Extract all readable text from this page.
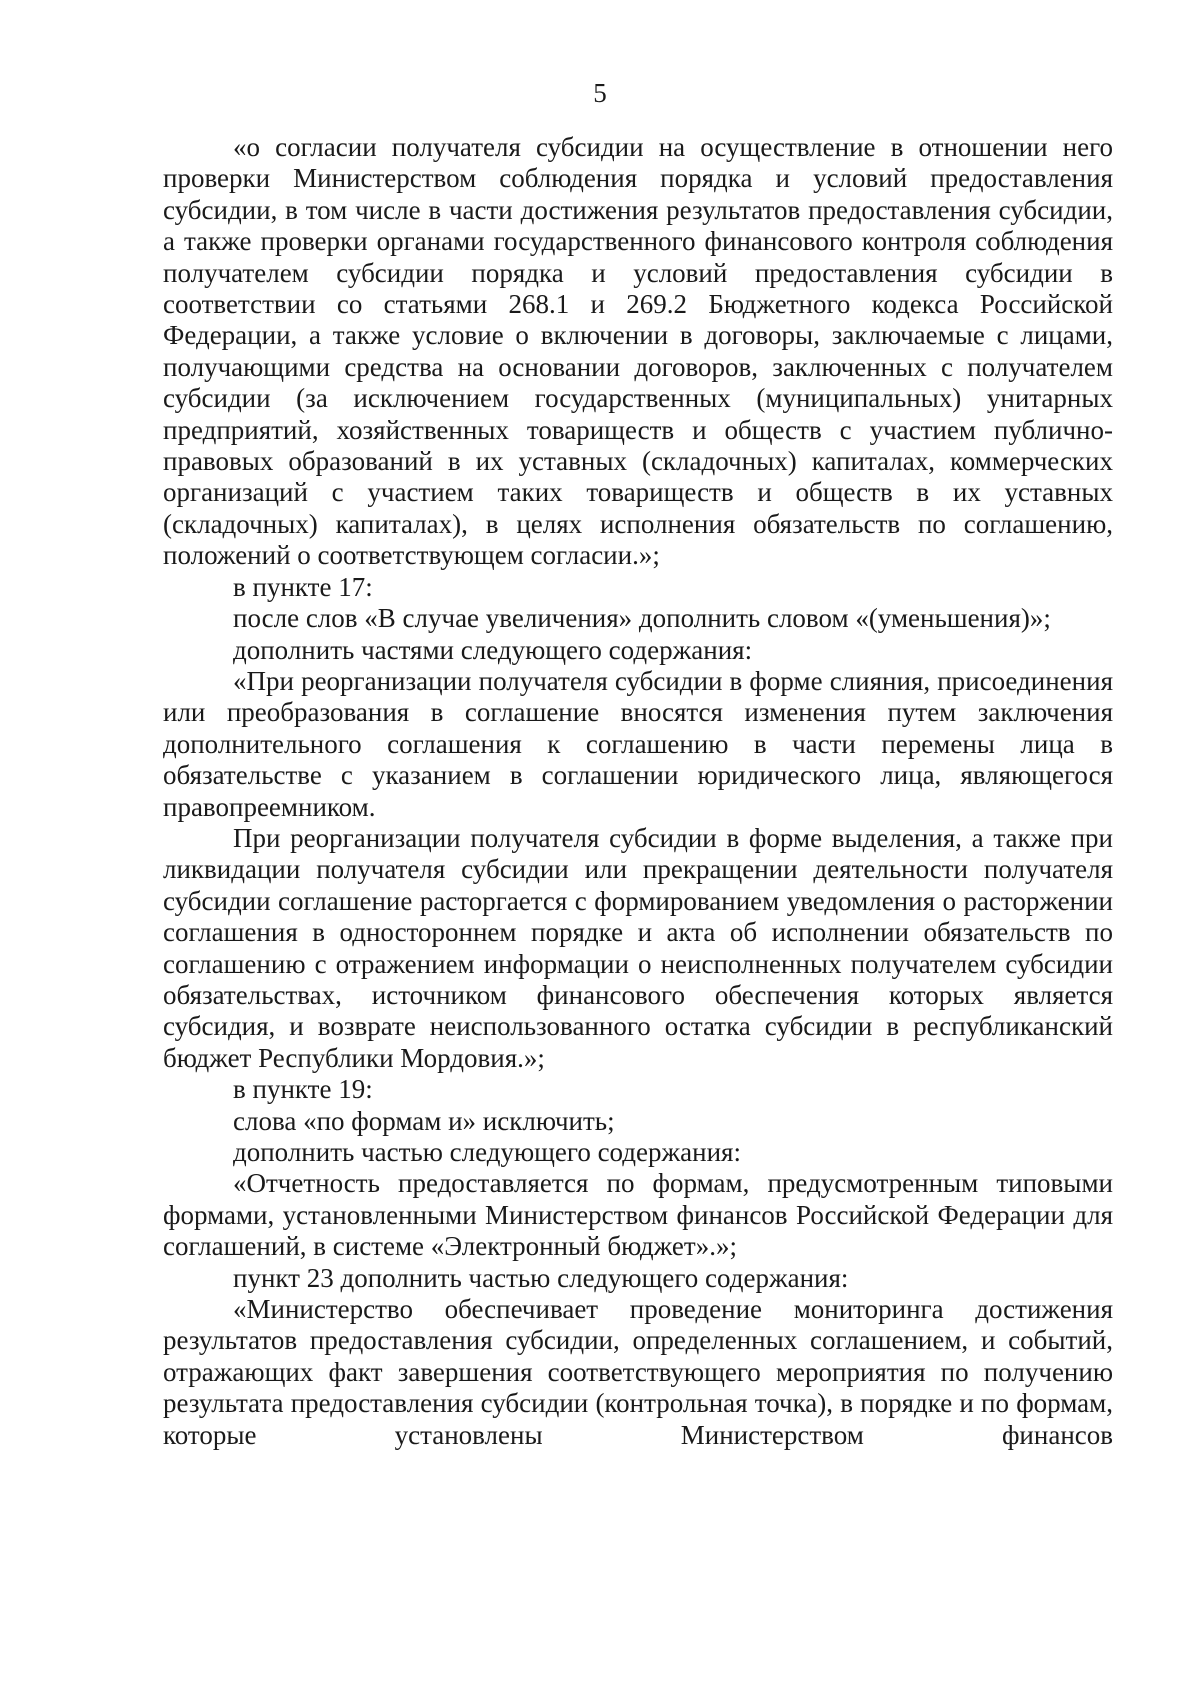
5

«о согласии получателя субсидии на осуществление в отношении него проверки Министерством соблюдения порядка и условий предоставления субсидии, в том числе в части достижения результатов предоставления субсидии, а также проверки органами государственного финансового контроля соблюдения получателем субсидии порядка и условий предоставления субсидии в соответствии со статьями 268.1 и 269.2 Бюджетного кодекса Российской Федерации, а также условие о включении в договоры, заключаемые с лицами, получающими средства на основании договоров, заключенных с получателем субсидии (за исключением государственных (муниципальных) унитарных предприятий, хозяйственных товариществ и обществ с участием публично-правовых образований в их уставных (складочных) капиталах, коммерческих организаций с участием таких товариществ и обществ в их уставных (складочных) капиталах), в целях исполнения обязательств по соглашению, положений о соответствующем согласии.»;

в пункте 17:

после слов «В случае увеличения» дополнить словом «(уменьшения)»;

дополнить частями следующего содержания:

«При реорганизации получателя субсидии в форме слияния, присоединения или преобразования в соглашение вносятся изменения путем заключения дополнительного соглашения к соглашению в части перемены лица в обязательстве с указанием в соглашении юридического лица, являющегося правопреемником.

При реорганизации получателя субсидии в форме выделения, а также при ликвидации получателя субсидии или прекращении деятельности получателя субсидии соглашение расторгается с формированием уведомления о расторжении соглашения в одностороннем порядке и акта об исполнении обязательств по соглашению с отражением информации о неисполненных получателем субсидии обязательствах, источником финансового обеспечения которых является субсидия, и возврате неиспользованного остатка субсидии в республиканский бюджет Республики Мордовия.»;

в пункте 19:

слова «по формам и» исключить;

дополнить частью следующего содержания:

«Отчетность предоставляется по формам, предусмотренным типовыми формами, установленными Министерством финансов Российской Федерации для соглашений, в системе «Электронный бюджет».»;

пункт 23 дополнить частью следующего содержания:

«Министерство обеспечивает проведение мониторинга достижения результатов предоставления субсидии, определенных соглашением, и событий, отражающих факт завершения соответствующего мероприятия по получению результата предоставления субсидии (контрольная точка), в порядке и по формам, которые установлены Министерством финансов
